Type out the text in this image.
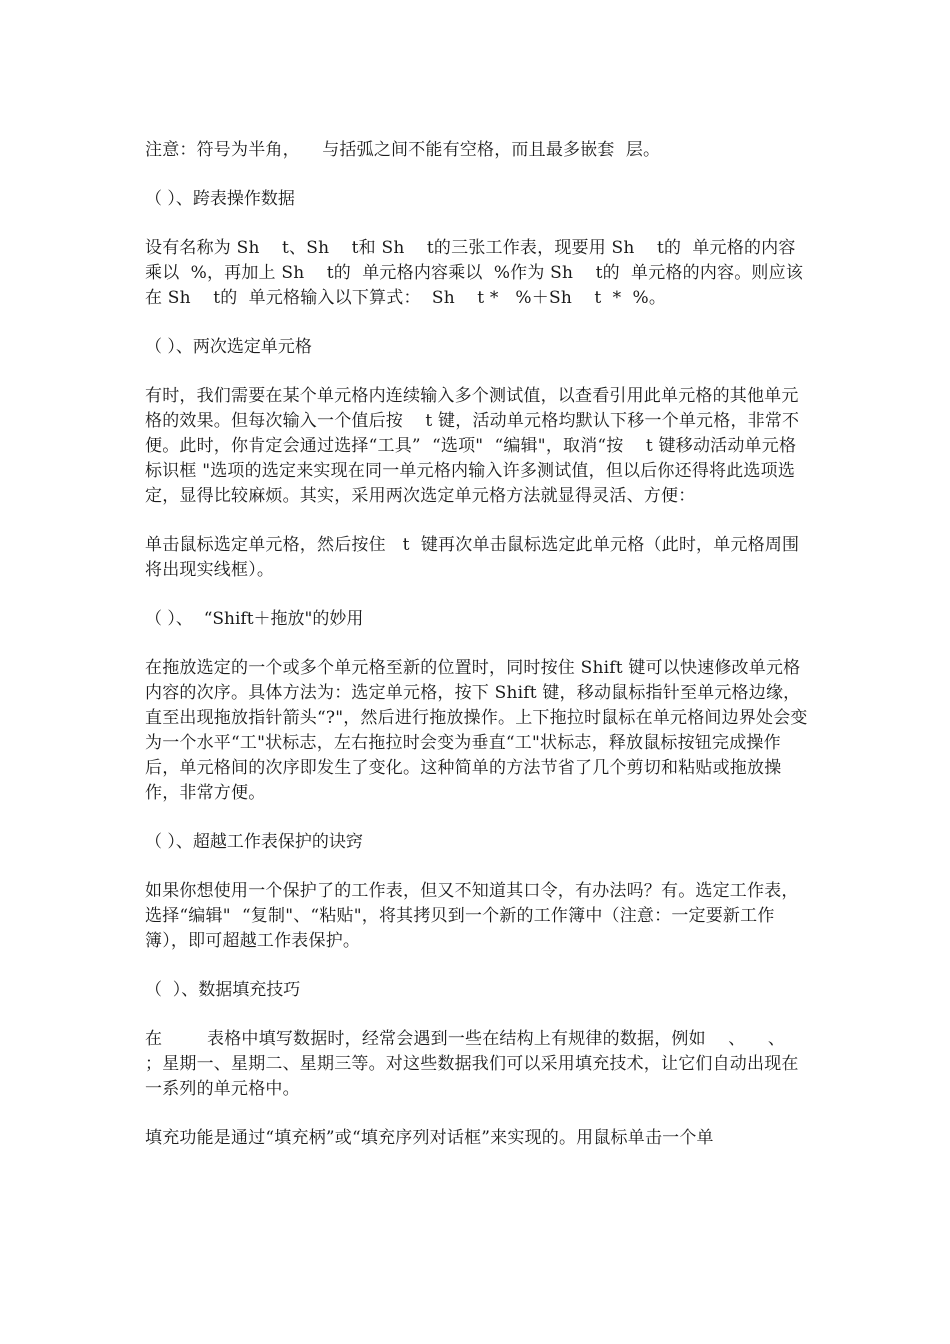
注意：符号为半角，    与括弧之间不能有空格，而且最多嵌套  层。

（ ）、跨表操作数据

设有名称为 Sh    t、Sh    t和 Sh    t的三张工作表，现要用 Sh    t的  单元格的内容乘以  %，再加上 Sh    t的  单元格内容乘以  %作为 Sh    t的  单元格的内容。则应该在 Sh    t的  单元格输入以下算式：  Sh    t *   %＋Sh    t  *  %。

（ ）、两次选定单元格

有时，我们需要在某个单元格内连续输入多个测试值，以查看引用此单元格的其他单元格的效果。但每次输入一个值后按    t 键，活动单元格均默认下移一个单元格，非常不便。此时，你肯定会通过选择“工具”  “选项"  “编辑"，取消“按    t 键移动活动单元格标识框 "选项的选定来实现在同一单元格内输入许多测试值，但以后你还得将此选项选定，显得比较麻烦。其实，采用两次选定单元格方法就显得灵活、方便：

单击鼠标选定单元格，然后按住   t  键再次单击鼠标选定此单元格（此时，单元格周围将出现实线框）。

（ ）、  “Shift＋拖放"的妙用

在拖放选定的一个或多个单元格至新的位置时，同时按住 Shift 键可以快速修改单元格内容的次序。具体方法为：选定单元格，按下 Shift 键，移动鼠标指针至单元格边缘，直至出现拖放指针箭头“?"，然后进行拖放操作。上下拖拉时鼠标在单元格间边界处会变为一个水平“工"状标志，左右拖拉时会变为垂直“工"状标志，释放鼠标按钮完成操作后，单元格间的次序即发生了变化。这种简单的方法节省了几个剪切和粘贴或拖放操作，非常方便。

（ ）、超越工作表保护的诀窍

如果你想使用一个保护了的工作表，但又不知道其口令，有办法吗？有。选定工作表，选择“编辑"  “复制"、“粘贴"，将其拷贝到一个新的工作簿中（注意：一定要新工作簿），即可超越工作表保护。

（  ）、数据填充技巧

在        表格中填写数据时，经常会遇到一些在结构上有规律的数据，例如    、    、    ；星期一、星期二、星期三等。对这些数据我们可以采用填充技术，让它们自动出现在一系列的单元格中。

填充功能是通过“填充柄”或“填充序列对话框”来实现的。用鼠标单击一个单
